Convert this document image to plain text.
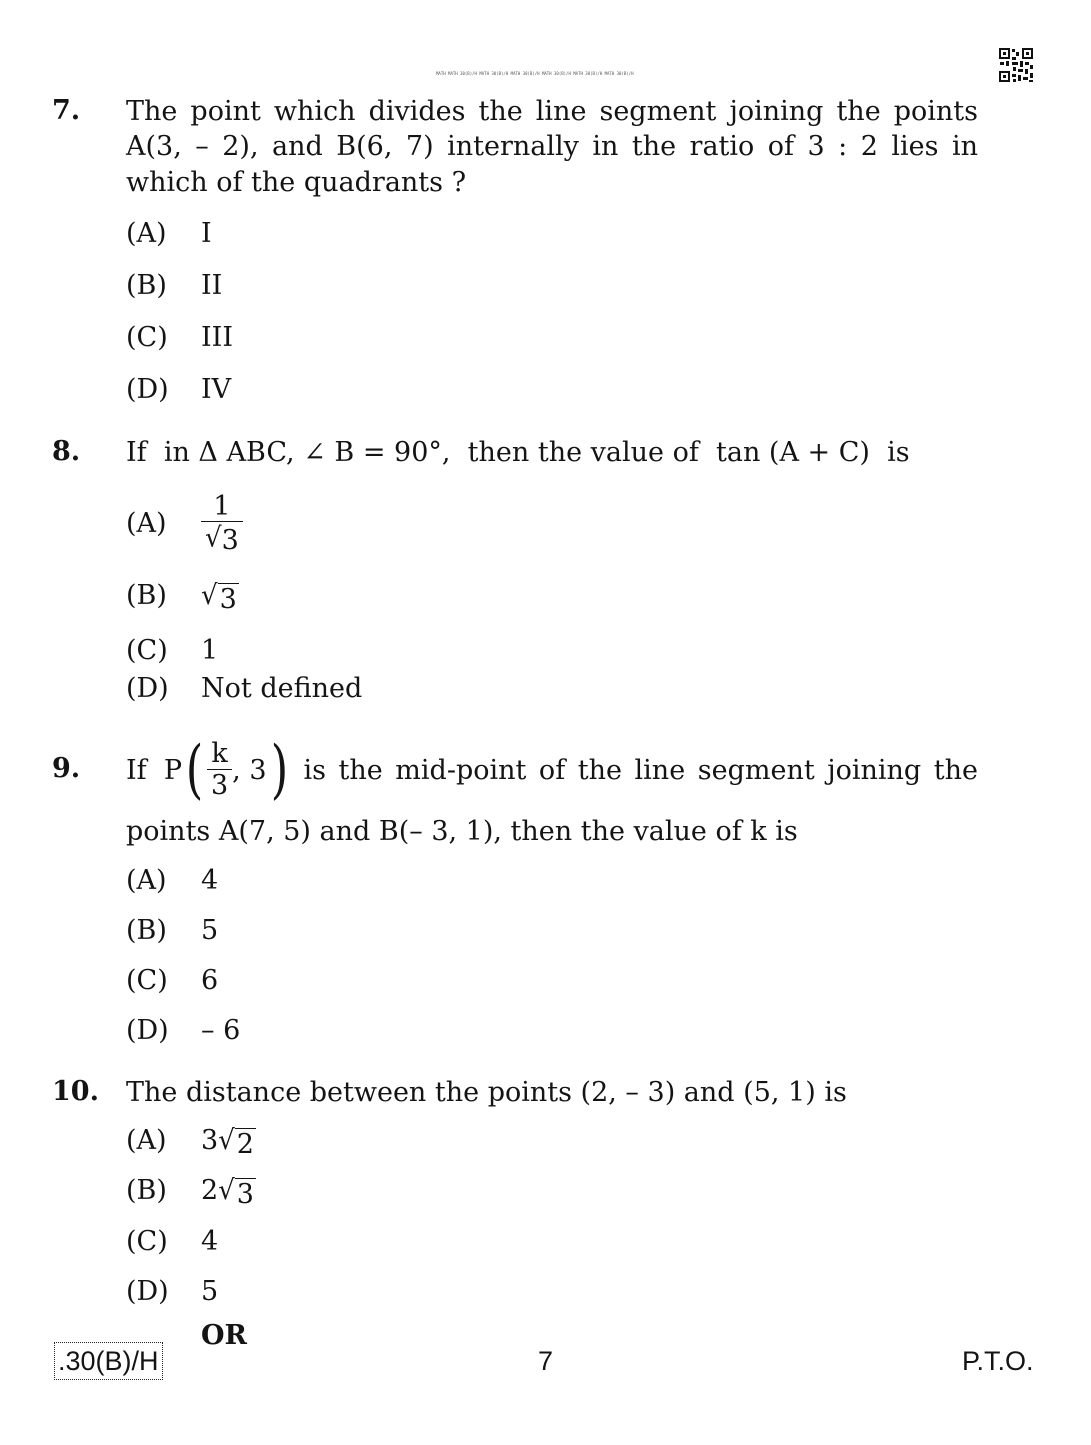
MATH MATH 30(B)/H MATH 30(B)/H MATH 30(B)/H MATH 30(B)/H MATH 30(B)/H MATH 30(B)/H
7. The point which divides the line segment joining the points
A(3, – 2), and B(6, 7) internally in the ratio of 3 : 2 lies in
which of the quadrants ?
(A) I
(B) II
(C) III
(D) IV
8. If  in Δ ABC, ∠ B = 90°,  then the value of  tan (A + C)  is
(A)	$\frac{1}{√ 3}$
(B) √ 3
(C) 1
(D) Not defined
9. If  P ( $\frac{k}{3}$ , 3 ) is the mid-point of the line segment joining the
points A(7, 5) and B(– 3, 1), then the value of k is
(A) 4
(B) 5
(C) 6
(D) – 6
10. The distance between the points (2, – 3) and (5, 1) is
(A) 3 √ 2
(B) 2 √ 3
(C) 4
(D) 5
OR
.30(B)/H	7	P.T.O.
